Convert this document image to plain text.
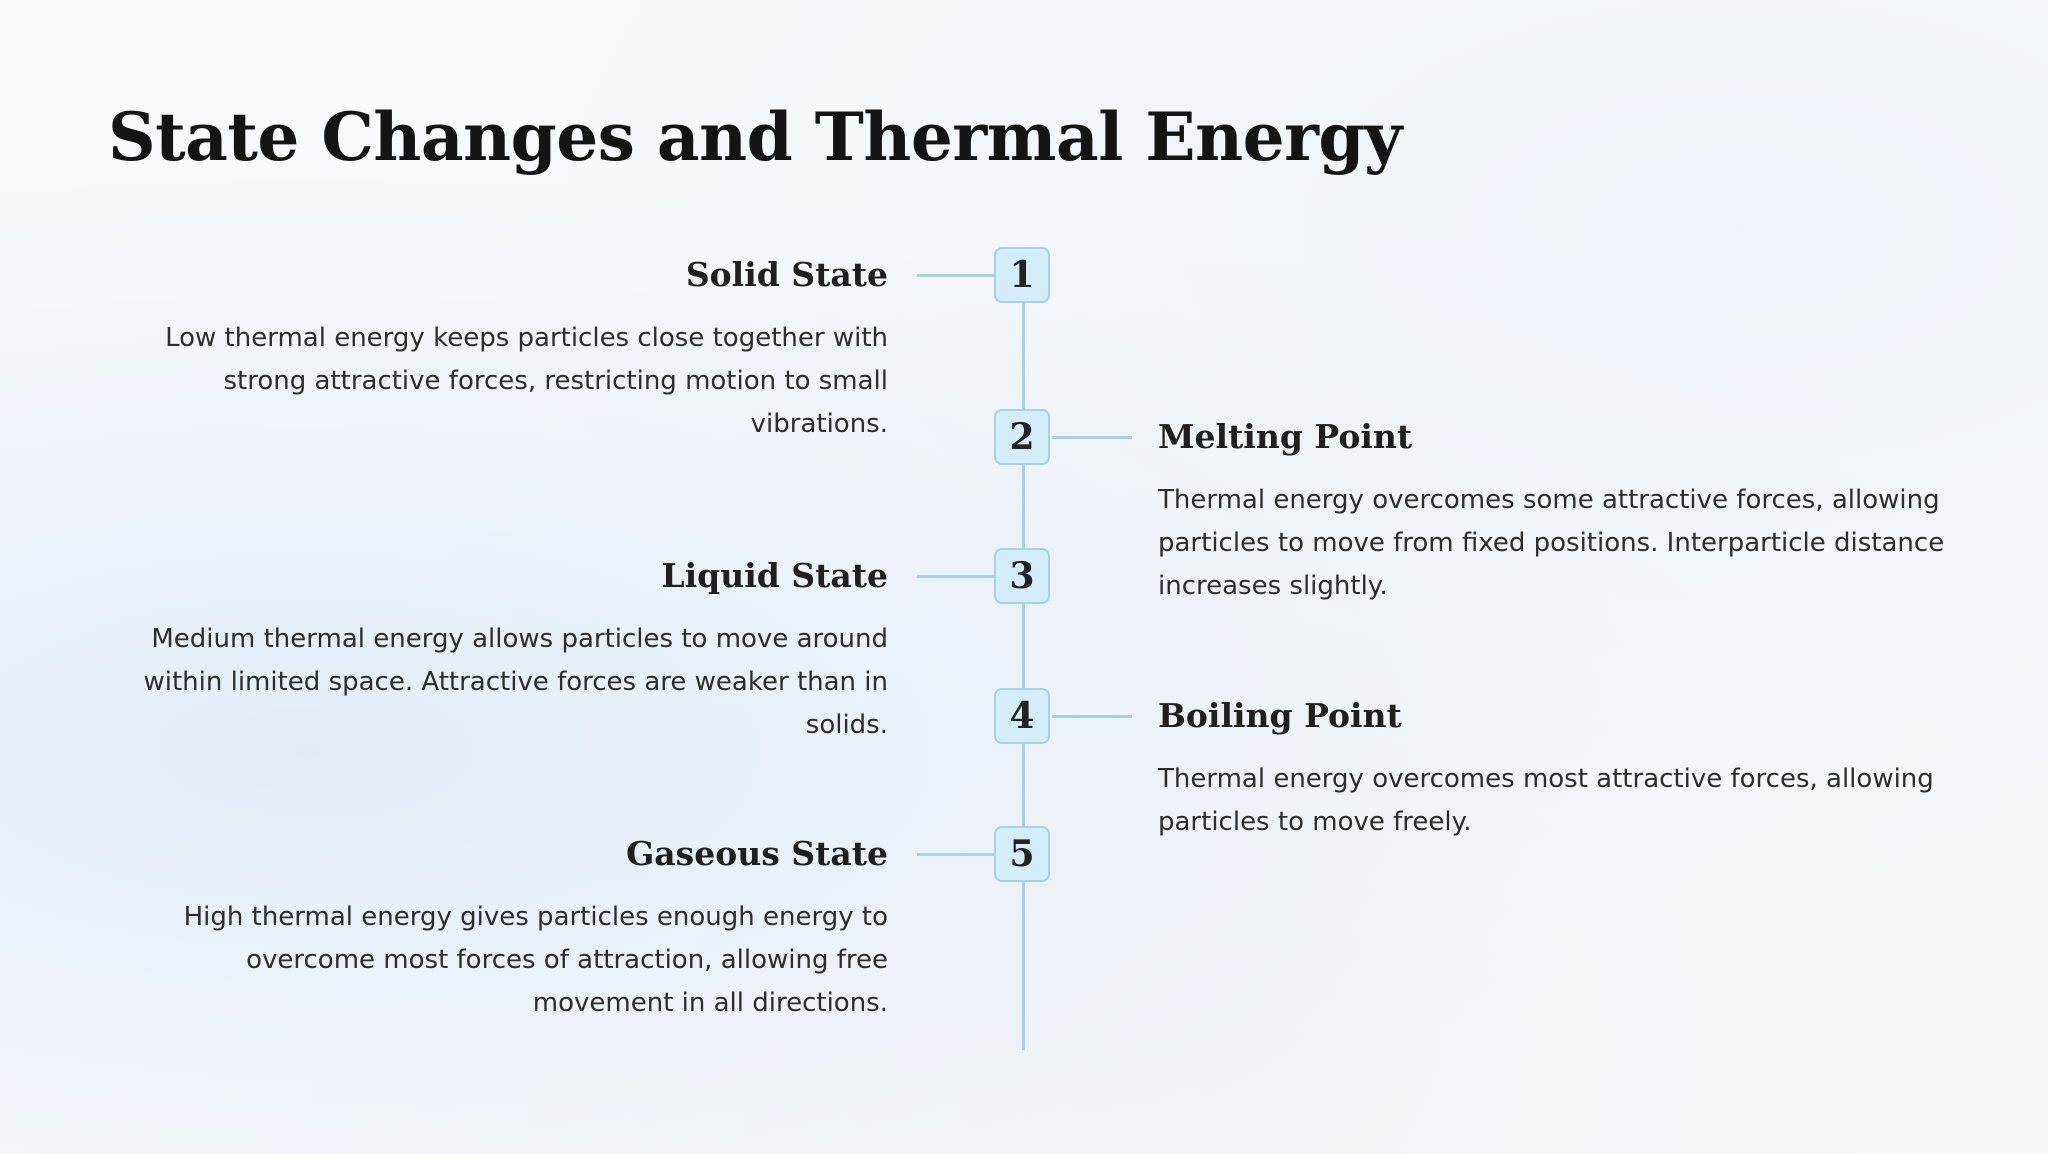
State Changes and Thermal Energy
1
Solid State

Low thermal energy keeps particles close together with strong attractive forces, restricting motion to small vibrations.	2	Melting Point

Thermal energy overcomes some attractive forces, allowing particles to move from fixed positions. Interparticle distance increases slightly.

3
Liquid State

Medium thermal energy allows particles to move around within limited space. Attractive forces are weaker than in solids.	4	Boiling Point

Thermal energy overcomes most attractive forces, allowing particles to move freely.

5
Gaseous State

High thermal energy gives particles enough energy to overcome most forces of attraction, allowing free movement in all directions.
